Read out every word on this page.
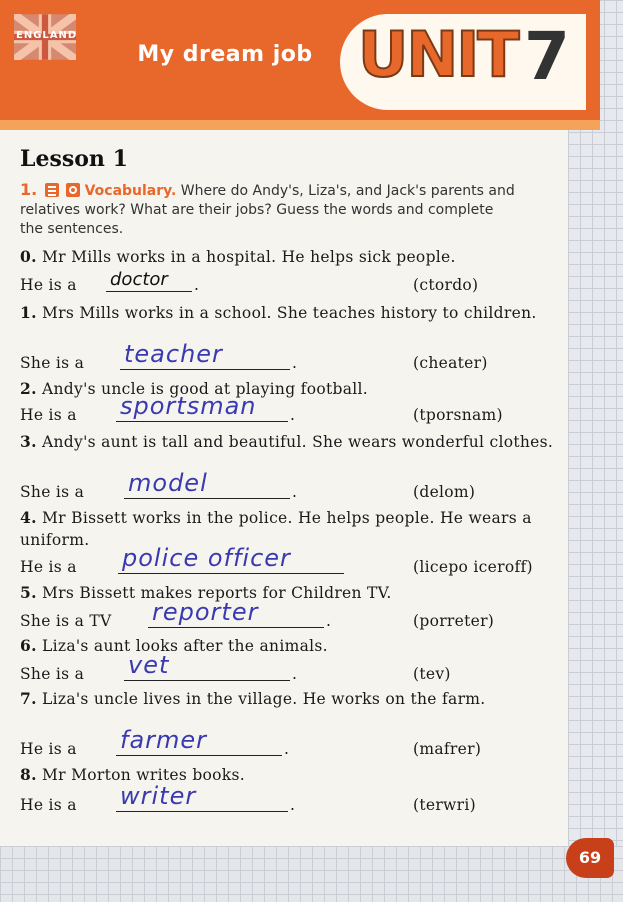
ENGLAND
My dream job UNIT 7
Lesson 1
1.	Vocabulary. Where do Andy's, Liza's, and Jack's parents and relatives work? What are their jobs? Guess the words and complete the sentences.
0. Mr Mills works in a hospital. He helps sick people.
He is a doctor .	(ctordo)
1. Mrs Mills works in a school. She teaches history to children.
She is a teacher	.	(cheater)
2. Andy's uncle is good at playing football.
He is a sportsman .	(tporsnam)
3. Andy's aunt is tall and beautiful. She wears wonderful clothes.
She is a model	.	(delom)
4. Mr Bissett works in the police. He helps people. He wears a uniform.
He is a police officer	(licepo iceroff)
5. Mrs Bissett makes reports for Children TV.
She is a TV reporter	.	(porreter)
6. Liza's aunt looks after the animals.
She is a vet	.	(tev)
7. Liza's uncle lives in the village. He works on the farm.
He is a farmer	.	(mafrer)
8. Mr Morton writes books.
He is a writer	.	(terwri)
69
